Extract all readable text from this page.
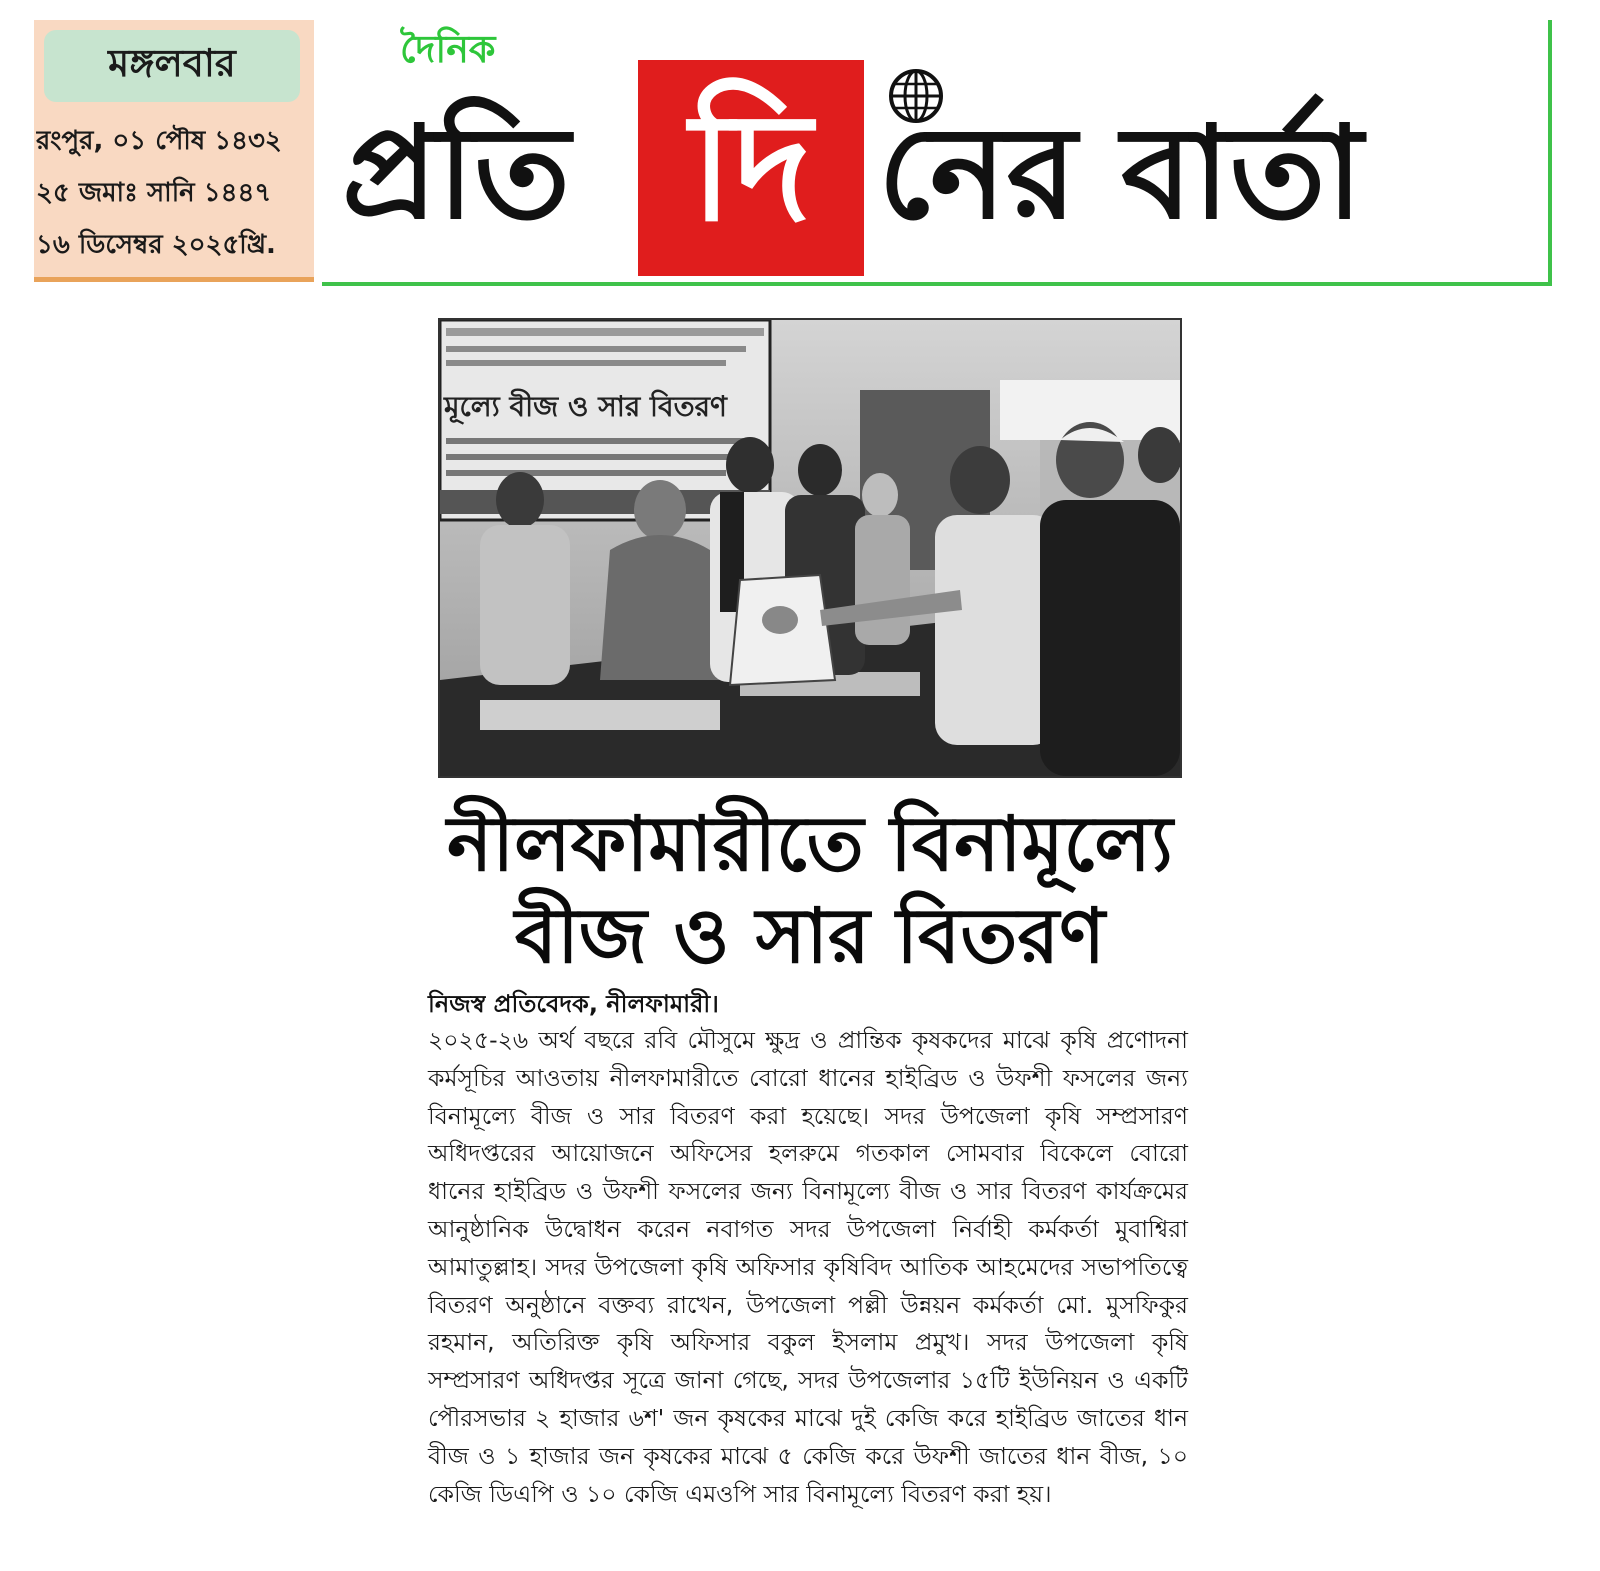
মঙ্গলবার
রংপুর, ০১ পৌষ ১৪৩২
২৫ জমাঃ সানি ১৪৪৭
১৬ ডিসেম্বর ২০২৫খ্রি.
দৈনিক
প্রতি দি নের বার্তা
মূল্যে বীজ ও সার বিতরণ
নীলফামারীতে বিনামূল্যে
বীজ ও সার বিতরণ
নিজস্ব প্রতিবেদক, নীলফামারী।
২০২৫-২৬ অর্থ বছরে রবি মৌসুমে ক্ষুদ্র ও প্রান্তিক কৃষকদের মাঝে কৃষি প্রণোদনা কর্মসূচির আওতায় নীলফামারীতে বোরো ধানের হাইব্রিড ও উফশী ফসলের জন্য বিনামূল্যে বীজ ও সার বিতরণ করা হয়েছে। সদর উপজেলা কৃষি সম্প্রসারণ অধিদপ্তরের আয়োজনে অফিসের হলরুমে গতকাল সোমবার বিকেলে বোরো ধানের হাইব্রিড ও উফশী ফসলের জন্য বিনামূল্যে বীজ ও সার বিতরণ কার্যক্রমের আনুষ্ঠানিক উদ্বোধন করেন নবাগত সদর উপজেলা নির্বাহী কর্মকর্তা মুবাশ্বিরা আমাতুল্লাহ। সদর উপজেলা কৃষি অফিসার কৃষিবিদ আতিক আহমেদের সভাপতিত্বে বিতরণ অনুষ্ঠানে বক্তব্য রাখেন, উপজেলা পল্লী উন্নয়ন কর্মকর্তা মো. মুসফিকুর রহমান, অতিরিক্ত কৃষি অফিসার বকুল ইসলাম প্রমুখ। সদর উপজেলা কৃষি সম্প্রসারণ অধিদপ্তর সূত্রে জানা গেছে, সদর উপজেলার ১৫টি ইউনিয়ন ও একটি পৌরসভার ২ হাজার ৬শ' জন কৃষকের মাঝে দুই কেজি করে হাইব্রিড জাতের ধান বীজ ও ১ হাজার জন কৃষকের মাঝে ৫ কেজি করে উফশী জাতের ধান বীজ, ১০ কেজি ডিএপি ও ১০ কেজি এমওপি সার বিনামূল্যে বিতরণ করা হয়।
